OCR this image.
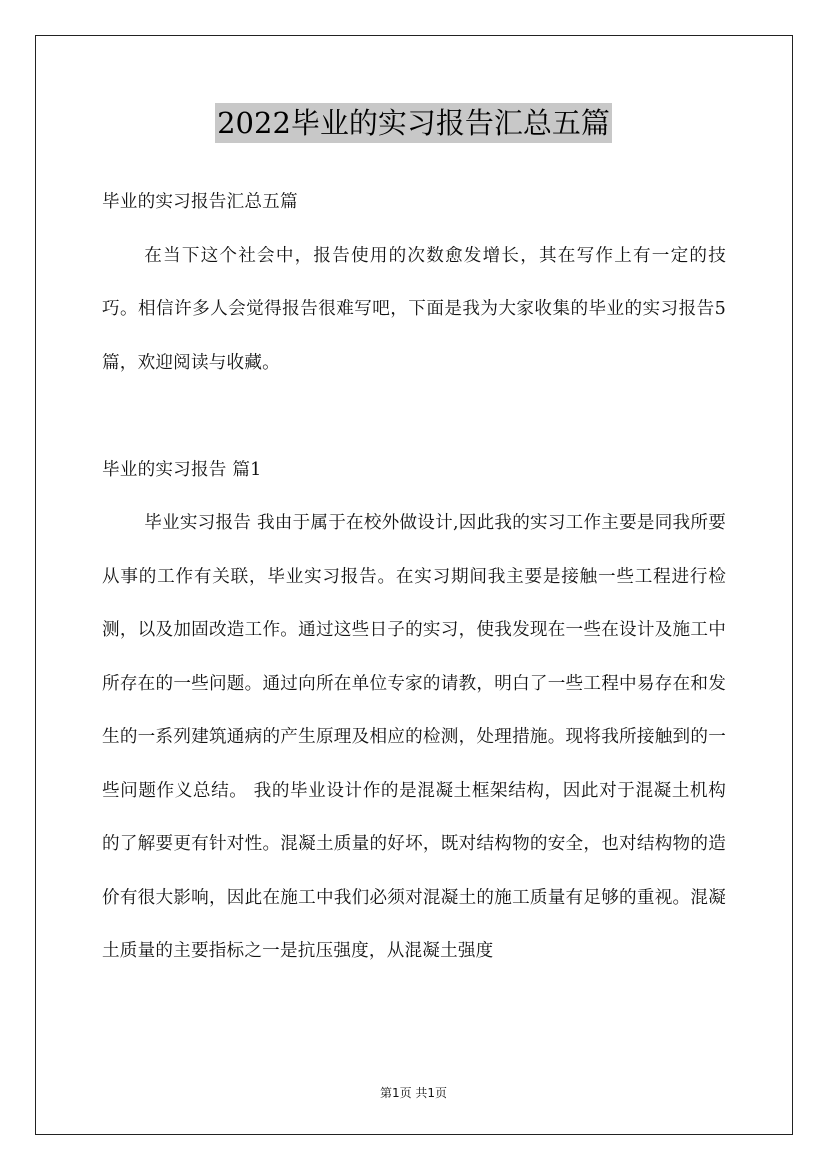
2022毕业的实习报告汇总五篇

毕业的实习报告汇总五篇

在当下这个社会中，报告使用的次数愈发增长，其在写作上有一定的技巧。相信许多人会觉得报告很难写吧，下面是我为大家收集的毕业的实习报告5篇，欢迎阅读与收藏。

毕业的实习报告 篇1

毕业实习报告 我由于属于在校外做设计,因此我的实习工作主要是同我所要从事的工作有关联，毕业实习报告。在实习期间我主要是接触一些工程进行检测，以及加固改造工作。通过这些日子的实习，使我发现在一些在设计及施工中所存在的一些问题。通过向所在单位专家的请教，明白了一些工程中易存在和发生的一系列建筑通病的产生原理及相应的检测，处理措施。现将我所接触到的一些问题作义总结。 我的毕业设计作的是混凝土框架结构，因此对于混凝土机构的了解要更有针对性。混凝土质量的好坏，既对结构物的安全，也对结构物的造价有很大影响，因此在施工中我们必须对混凝土的施工质量有足够的重视。混凝土质量的主要指标之一是抗压强度，从混凝土强度

第1页 共1页
